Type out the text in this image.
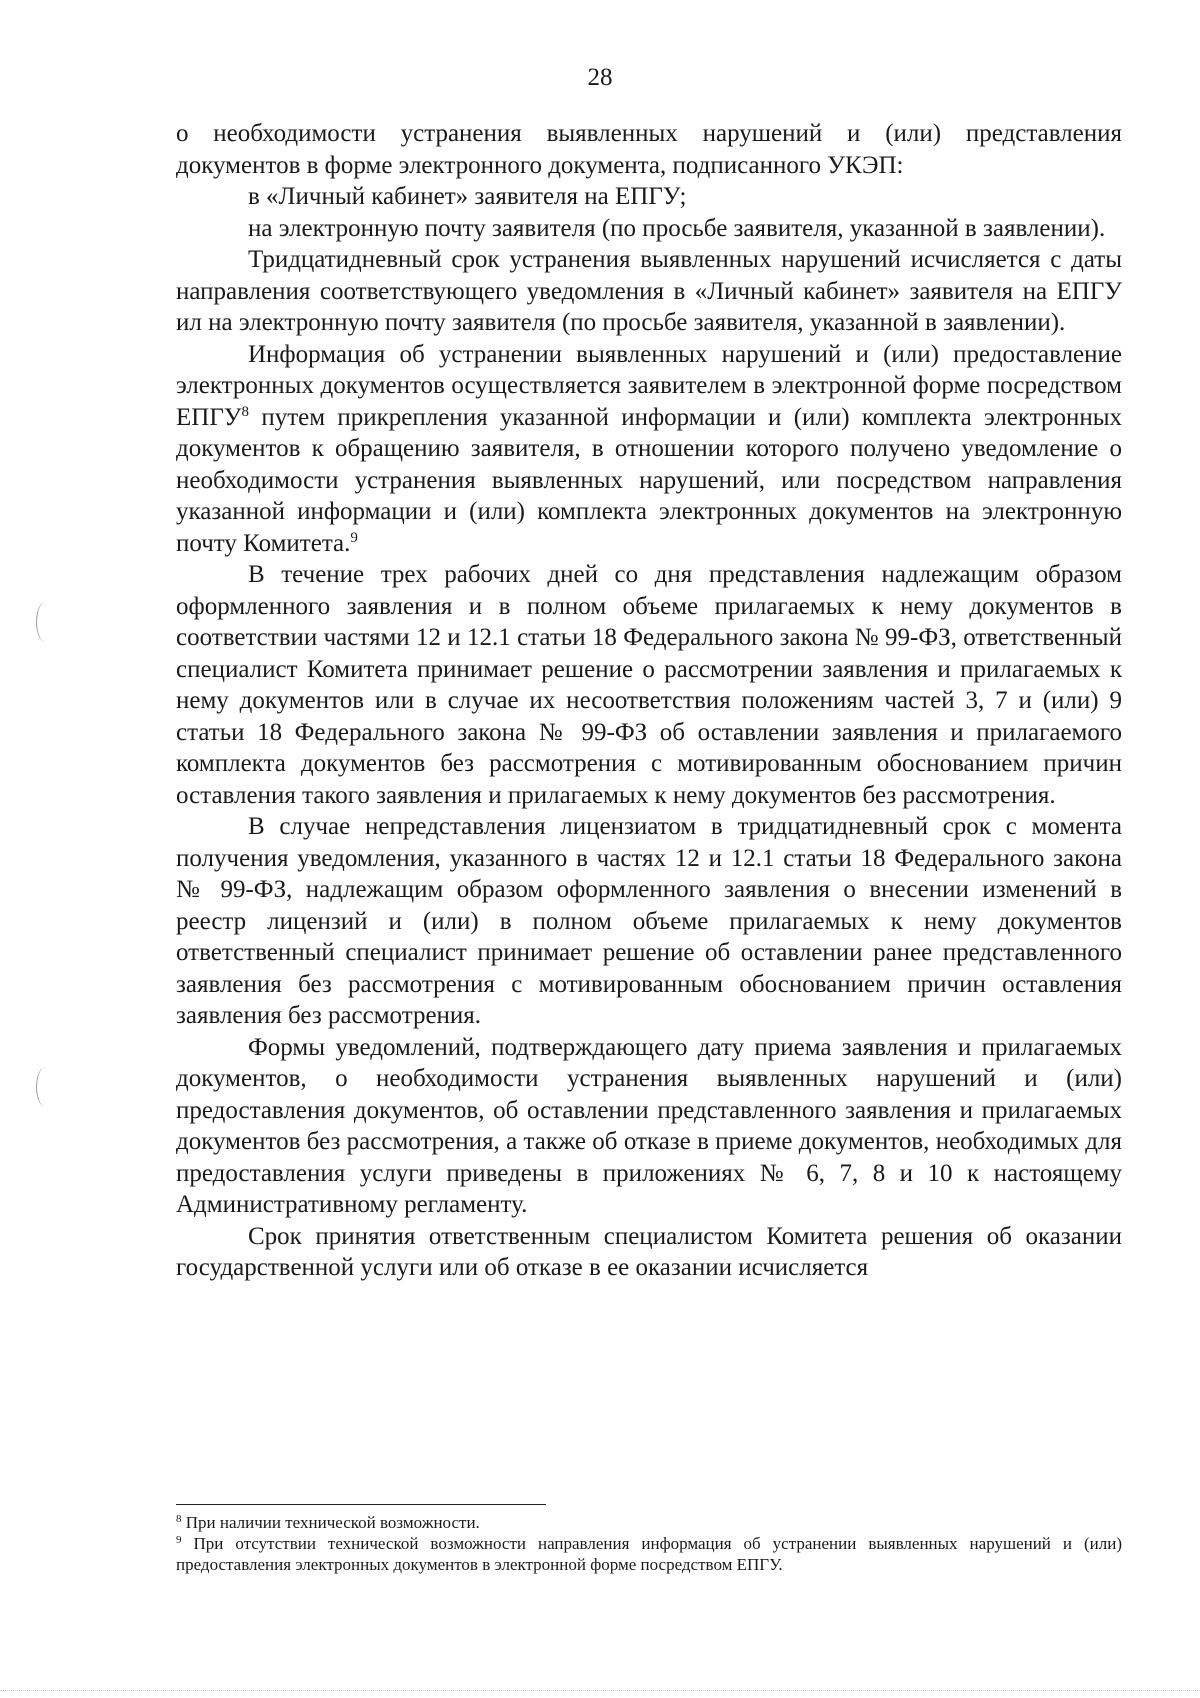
28

о необходимости устранения выявленных нарушений и (или) представления документов в форме электронного документа, подписанного УКЭП:

в «Личный кабинет» заявителя на ЕПГУ;

на электронную почту заявителя (по просьбе заявителя, указанной в заявлении).

Тридцатидневный срок устранения выявленных нарушений исчисляется с даты направления соответствующего уведомления в «Личный кабинет» заявителя на ЕПГУ ил на электронную почту заявителя (по просьбе заявителя, указанной в заявлении).

Информация об устранении выявленных нарушений и (или) предоставление электронных документов осуществляется заявителем в электронной форме посредством ЕПГУ$^8$ путем прикрепления указанной информации и (или) комплекта электронных документов к обращению заявителя, в отношении которого получено уведомление о необходимости устранения выявленных нарушений, или посредством направления указанной информации и (или) комплекта электронных документов на электронную почту Комитета.$^9$

В течение трех рабочих дней со дня представления надлежащим образом оформленного заявления и в полном объеме прилагаемых к нему документов в соответствии частями 12 и 12.1 статьи 18 Федерального закона № 99-ФЗ, ответственный специалист Комитета принимает решение о рассмотрении заявления и прилагаемых к нему документов или в случае их несоответствия положениям частей 3, 7 и (или) 9 статьи 18 Федерального закона № 99-ФЗ об оставлении заявления и прилагаемого комплекта документов без рассмотрения с мотивированным обоснованием причин оставления такого заявления и прилагаемых к нему документов без рассмотрения.

В случае непредставления лицензиатом в тридцатидневный срок с момента получения уведомления, указанного в частях 12 и 12.1 статьи 18 Федерального закона № 99-ФЗ, надлежащим образом оформленного заявления о внесении изменений в реестр лицензий и (или) в полном объеме прилагаемых к нему документов ответственный специалист принимает решение об оставлении ранее представленного заявления без рассмотрения с мотивированным обоснованием причин оставления заявления без рассмотрения.

Формы уведомлений, подтверждающего дату приема заявления и прилагаемых документов, о необходимости устранения выявленных нарушений и (или) предоставления документов, об оставлении представленного заявления и прилагаемых документов без рассмотрения, а также об отказе в приеме документов, необходимых для предоставления услуги приведены в приложениях № 6, 7, 8 и 10 к настоящему Административному регламенту.

Срок принятия ответственным специалистом Комитета решения об оказании государственной услуги или об отказе в ее оказании исчисляется

$^8$ При наличии технической возможности.

$^9$ При отсутствии технической возможности направления информация об устранении выявленных нарушений и (или) предоставления электронных документов в электронной форме посредством ЕПГУ.
